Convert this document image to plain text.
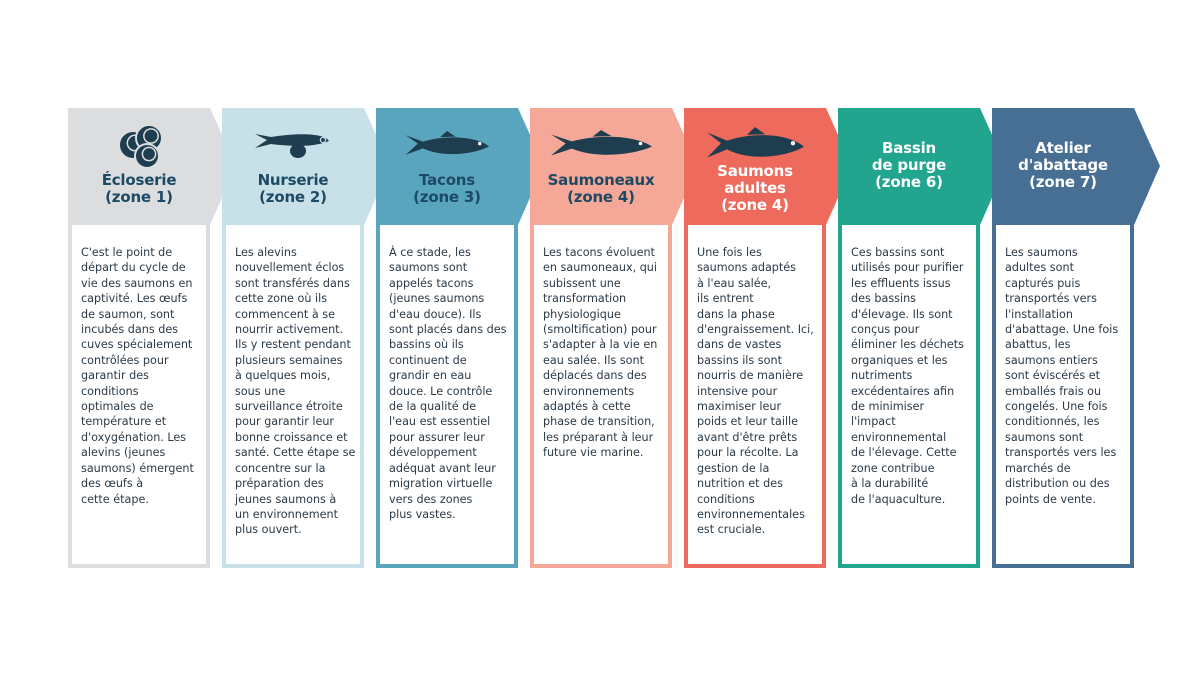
Écloserie
(zone 1)
C'est le point de
départ du cycle de
vie des saumons en
captivité. Les œufs
de saumon, sont
incubés dans des
cuves spécialement
contrôlées pour
garantir des
conditions
optimales de
température et
d'oxygénation. Les
alevins (jeunes
saumons) émergent
des œufs à
cette étape.
Nurserie
(zone 2)
Les alevins
nouvellement éclos
sont transférés dans
cette zone où ils
commencent à se
nourrir activement.
Ils y restent pendant
plusieurs semaines
à quelques mois,
sous une
surveillance étroite
pour garantir leur
bonne croissance et
santé. Cette étape se
concentre sur la
préparation des
jeunes saumons à
un environnement
plus ouvert.
Tacons
(zone 3)
À ce stade, les
saumons sont
appelés tacons
(jeunes saumons
d'eau douce). Ils
sont placés dans des
bassins où ils
continuent de
grandir en eau
douce. Le contrôle
de la qualité de
l'eau est essentiel
pour assurer leur
développement
adéquat avant leur
migration virtuelle
vers des zones
plus vastes.
Saumoneaux
(zone 4)
Les tacons évoluent
en saumoneaux, qui
subissent une
transformation
physiologique
(smoltification) pour
s'adapter à la vie en
eau salée. Ils sont
déplacés dans des
environnements
adaptés à cette
phase de transition,
les préparant à leur
future vie marine.
Saumons
adultes
(zone 4)
Une fois les
saumons adaptés
à l'eau salée,
ils entrent
dans la phase
d'engraissement. Ici,
dans de vastes
bassins ils sont
nourris de manière
intensive pour
maximiser leur
poids et leur taille
avant d'être prêts
pour la récolte. La
gestion de la
nutrition et des
conditions
environnementales
est cruciale.
Bassin
de purge
(zone 6)
Ces bassins sont
utilisés pour purifier
les effluents issus
des bassins
d'élevage. Ils sont
conçus pour
éliminer les déchets
organiques et les
nutriments
excédentaires afin
de minimiser
l'impact
environnemental
de l'élevage. Cette
zone contribue
à la durabilité
de l'aquaculture.
Atelier
d'abattage
(zone 7)
Les saumons
adultes sont
capturés puis
transportés vers
l'installation
d'abattage. Une fois
abattus, les
saumons entiers
sont éviscérés et
emballés frais ou
congelés. Une fois
conditionnés, les
saumons sont
transportés vers les
marchés de
distribution ou des
points de vente.
